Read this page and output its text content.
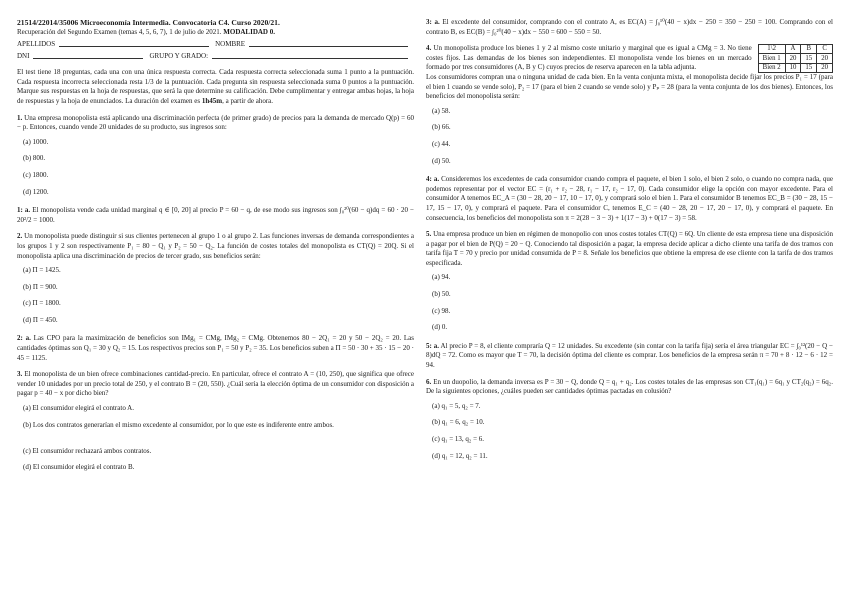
21514/22014/35006 Microeconomía Intermedia. Convocatoria C4. Curso 2020/21.

Recuperación del Segundo Examen (temas 4, 5, 6, 7), 1 de julio de 2021. MODALIDAD 0.

APELLIDOS	NOMBRE
DNI	GRUPO Y GRADO:

El test tiene 18 preguntas, cada una con una única respuesta correcta. Cada respuesta correcta seleccionada suma 1 punto a la puntuación. Cada respuesta incorrecta seleccionada resta 1/3 de la puntuación. Cada pregunta sin respuesta seleccionada suma 0 puntos a la puntuación. Marque sus respuestas en la hoja de respuestas, que será la que determine su calificación. Debe cumplimentar y entregar ambas hojas, la hoja de respuestas y la hoja de enunciados. La duración del examen es 1h45m, a partir de ahora.

1. Una empresa monopolista está aplicando una discriminación perfecta (de primer grado) de precios para la demanda de mercado Q(p) = 60 − p. Entonces, cuando vende 20 unidades de su producto, sus ingresos son:

(a) 1000.
(b) 800.
(c) 1800.
(d) 1200.

1: a. El monopolista vende cada unidad marginal q ∈ [0, 20] al precio P = 60 − q, de ese modo sus ingresos son ∫₀²⁰(60 − q)dq = 60 · 20 − 20²/2 = 1000.

2. Un monopolista puede distinguir si sus clientes pertenecen al grupo 1 o al grupo 2. Las funciones inversas de demanda correspondientes a los grupos 1 y 2 son respectivamente P₁ = 80 − Q₁ y P₂ = 50 − Q₂. La función de costes totales del monopolista es CT(Q) = 20Q. Si el monopolista aplica una discriminación de precios de tercer grado, sus beneficios serán:

(a) Π = 1425.
(b) Π = 900.
(c) Π = 1800.
(d) Π = 450.

2: a. Las CPO para la maximización de beneficios son IMg₁ = CMg, IMg₂ = CMg. Obtenemos 80 − 2Q₁ = 20 y 50 − 2Q₂ = 20. Las cantidades óptimas son Q₁ = 30 y Q₂ = 15. Los respectivos precios son P₁ = 50 y P₂ = 35. Los beneficios suben a Π = 50 · 30 + 35 · 15 − 20 · 45 = 1125.

3. El monopolista de un bien ofrece combinaciones cantidad-precio. En particular, ofrece el contrato A = (10, 250), que significa que ofrece vender 10 unidades por un precio total de 250, y el contrato B = (20, 550). ¿Cuál sería la elección óptima de un consumidor con disposición a pagar p = 40 − x por dicho bien?

(a) El consumidor elegirá el contrato A.
(b) Los dos contratos generarían el mismo excedente al consumidor, por lo que este es indiferente entre ambos.
(c) El consumidor rechazará ambos contratos.
(d) El consumidor elegirá el contrato B.

3: a. El excedente del consumidor, comprando con el contrato A, es EC(A) = ∫₀¹⁰(40 − x)dx − 250 = 350 − 250 = 100. Comprando con el contrato B, es EC(B) = ∫₀²⁰(40 − x)dx − 550 = 600 − 550 = 50.

4. Un monopolista produce los bienes 1 y 2 al mismo coste unitario y marginal que es igual a CMg = 3. No tiene costes fijos. Las demandas de los bienes son independientes. El monopolista vende los bienes en un mercado formado por tres consumidores (A, B y C) cuyos precios de reserva aparecen en la tabla adjunta.

1\2	A	B	C
Bien 1	20	15	20
Bien 2	10	15	20

Los consumidores compran una o ninguna unidad de cada bien. En la venta conjunta mixta, el monopolista decide fijar los precios P₁ = 17 (para el bien 1 cuando se vende solo), P₂ = 17 (para el bien 2 cuando se vende solo) y Pₚ = 28 (para la venta conjunta de los dos bienes). Entonces, los beneficios del monopolista serán:

(a) 58.
(b) 66.
(c) 44.
(d) 50.

4: a. Consideremos los excedentes de cada consumidor cuando compra el paquete, el bien 1 solo, el bien 2 solo, o cuando no compra nada, que podemos representar por el vector EC = (r₁ + r₂ − 28, r₁ − 17, r₂ − 17, 0). Cada consumidor elige la opción con mayor excedente. Para el consumidor A tenemos EC_A = (30 − 28, 20 − 17, 10 − 17, 0), y comprará solo el bien 1. Para el consumidor B tenemos EC_B = (30 − 28, 15 − 17, 15 − 17, 0), y comprará el paquete. Para el consumidor C, tenemos E_C = (40 − 28, 20 − 17, 20 − 17, 0), y comprará el paquete. En consecuencia, los beneficios del monopolista son π = 2(28 − 3 − 3) + 1(17 − 3) + 0(17 − 3) = 58.

5. Una empresa produce un bien en régimen de monopolio con unos costes totales CT(Q) = 6Q. Un cliente de esta empresa tiene una disposición a pagar por el bien de P(Q) = 20 − Q. Conociendo tal disposición a pagar, la empresa decide aplicar a dicho cliente una tarifa de dos tramos con tarifa fija T = 70 y precio por unidad consumida de P = 8. Señale los beneficios que obtiene la empresa de ese cliente con la tarifa de dos tramos especificada.

(a) 94.
(b) 50.
(c) 98.
(d) 0.

5: a. Al precio P = 8, el cliente compraría Q = 12 unidades. Su excedente (sin contar con la tarifa fija) sería el área triangular EC = ∫₀¹²(20 − Q − 8)dQ = 72. Como es mayor que T = 70, la decisión óptima del cliente es comprar. Los beneficios de la empresa serán π = 70 + 8 · 12 − 6 · 12 = 94.

6. En un duopolio, la demanda inversa es P = 30 − Q, donde Q = q₁ + q₂. Los costes totales de las empresas son CT₁(q₁) = 6q₁ y CT₂(q₂) = 6q₂. De la siguientes opciones, ¿cuáles pueden ser cantidades óptimas pactadas en colusión?

(a) q₁ = 5, q₂ = 7.
(b) q₁ = 6, q₂ = 10.
(c) q₁ = 13, q₂ = 6.
(d) q₁ = 12, q₂ = 11.
